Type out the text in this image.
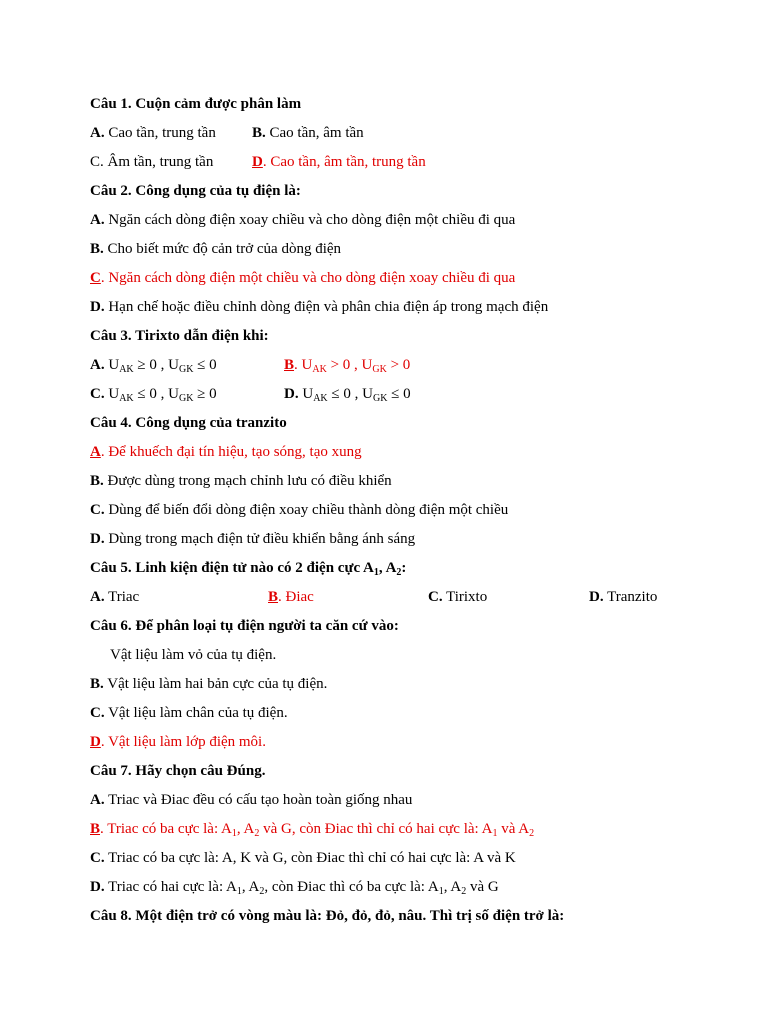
Câu 1. Cuộn cảm được phân làm
A. Cao tần, trung tần B. Cao tần, âm tần
C. Âm tần, trung tần	D. Cao tần, âm tần, trung tần
Câu 2. Công dụng của tụ điện là:
A. Ngăn cách dòng điện xoay chiều và cho dòng điện một chiều đi qua
B. Cho biết mức độ cản trở của dòng điện
C. Ngăn cách dòng điện một chiều và cho dòng điện xoay chiều đi qua
D. Hạn chế hoặc điều chỉnh dòng điện và phân chia điện áp trong mạch điện
Câu 3. Tirixto dẫn điện khi:
A. $U_{AK} \ge 0$ , $U_{GK} \le 0$	B. $U_{AK} > 0$ , $U_{GK} > 0$
C. $U_{AK} \le 0$ , $U_{GK} \ge 0$	D. $U_{AK} \le 0$ , $U_{GK} \le 0$
Câu 4. Công dụng của tranzito
A. Để khuếch đại tín hiệu, tạo sóng, tạo xung
B. Được dùng trong mạch chỉnh lưu có điều khiển
C. Dùng để biến đổi dòng điện xoay chiều thành dòng điện một chiều
D. Dùng trong mạch điện tử điều khiển bằng ánh sáng
Câu 5. Linh kiện điện tử nào có 2 điện cực $A_1$, $A_2$:
A. Triac	B. Điac	C. Tirixto	D. Tranzito
Câu 6. Để phân loại tụ điện người ta căn cứ vào:
Vật liệu làm vỏ của tụ điện.
B. Vật liệu làm hai bản cực của tụ điện.
C. Vật liệu làm chân của tụ điện.
D. Vật liệu làm lớp điện môi.
Câu 7. Hãy chọn câu Đúng.
A. Triac và Điac đều có cấu tạo hoàn toàn giống nhau
B. Triac có ba cực là: $A_1$, $A_2$ và G, còn Điac thì chỉ có hai cực là: $A_1$ và $A_2$
C. Triac có ba cực là: A, K và G, còn Điac thì chỉ có hai cực là: A và K
D. Triac có hai cực là: $A_1$, $A_2$, còn Điac thì có ba cực là: $A_1$, $A_2$ và G
Câu 8. Một điện trở có vòng màu là: Đỏ, đỏ, đỏ, nâu. Thì trị số điện trở là:
